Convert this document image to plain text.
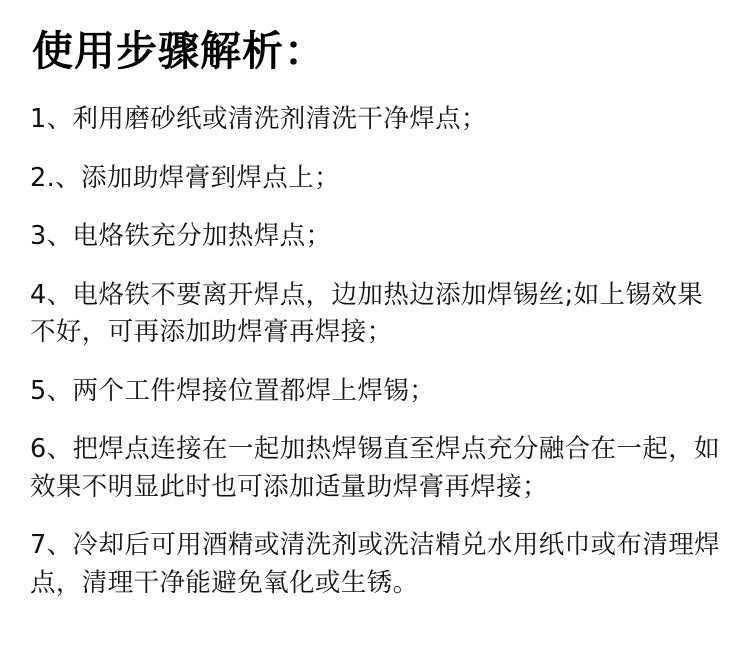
使用步骤解析：
1、利用磨砂纸或清洗剂清洗干净焊点；
2.、添加助焊膏到焊点上；
3、电烙铁充分加热焊点；
4、电烙铁不要离开焊点，边加热边添加焊锡丝;如上锡效果不好，可再添加助焊膏再焊接；
5、两个工件焊接位置都焊上焊锡；
6、把焊点连接在一起加热焊锡直至焊点充分融合在一起，如效果不明显此时也可添加适量助焊膏再焊接；
7、冷却后可用酒精或清洗剂或洗洁精兑水用纸巾或布清理焊点，清理干净能避免氧化或生锈。
